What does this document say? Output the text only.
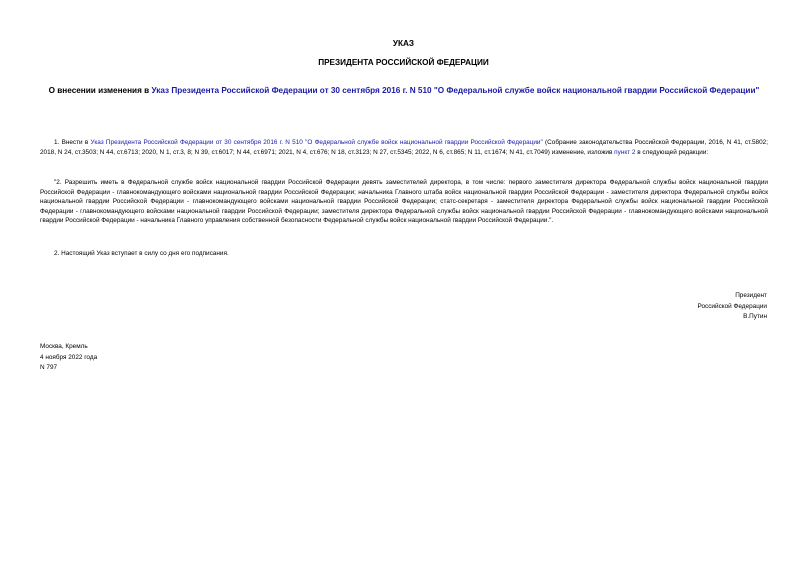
УКАЗ
ПРЕЗИДЕНТА РОССИЙСКОЙ ФЕДЕРАЦИИ
О внесении изменения в Указ Президента Российской Федерации от 30 сентября 2016 г. N 510 "О Федеральной службе войск национальной гвардии Российской Федерации"
1. Внести в Указ Президента Российской Федерации от 30 сентября 2016 г. N 510 "О Федеральной службе войск национальной гвардии Российской Федерации" (Собрание законодательства Российской Федерации, 2016, N 41, ст.5802; 2018, N 24, ст.3503; N 44, ст.6713; 2020, N 1, ст.3, 8; N 39, ст.6017; N 44, ст.6971; 2021, N 4, ст.676; N 18, ст.3123; N 27, ст.5345; 2022, N 6, ст.865; N 11, ст.1674; N 41, ст.7049) изменение, изложив пункт 2 в следующей редакции:
"2. Разрешить иметь в Федеральной службе войск национальной гвардии Российской Федерации девять заместителей директора, в том числе: первого заместителя директора Федеральной службы войск национальной гвардии Российской Федерации - главнокомандующего войсками национальной гвардии Российской Федерации; начальника Главного штаба войск национальной гвардии Российской Федерации - заместителя директора Федеральной службы войск национальной гвардии Российской Федерации - главнокомандующего войсками национальной гвардии Российской Федерации; статс-секретаря - заместителя директора Федеральной службы войск национальной гвардии Российской Федерации - главнокомандующего войсками национальной гвардии Российской Федерации; заместителя директора Федеральной службы войск национальной гвардии Российской Федерации - главнокомандующего войсками национальной гвардии Российской Федерации - начальника Главного управления собственной безопасности Федеральной службы войск национальной гвардии Российской Федерации.".
2. Настоящий Указ вступает в силу со дня его подписания.
Президент
Российской Федерации
В.Путин
Москва, Кремль
4 ноября 2022 года
N 797
